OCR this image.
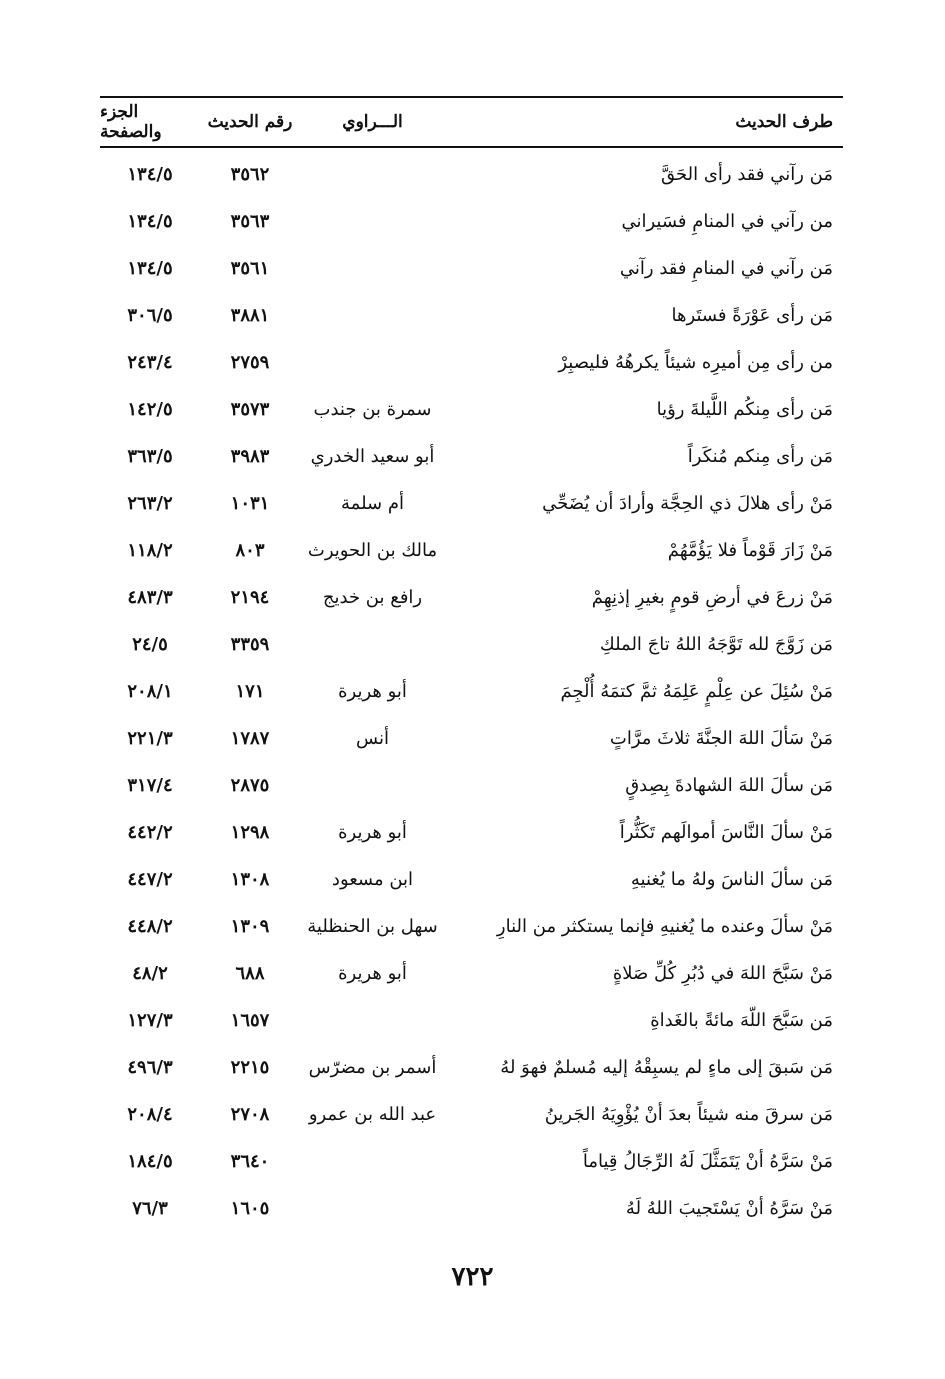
طرف الحديث	الـــراوي	رقم الحديث	الجزء والصفحة
مَن رآني فقد رأى الحَقَّ		٣٥٦٢	١٣٤/٥
من رآني في المنامِ فسَيراني		٣٥٦٣	١٣٤/٥
مَن رآني في المنامِ فقد رآني		٣٥٦١	١٣٤/٥
مَن رأى عَوْرَةً فستَرها		٣٨٨١	٣٠٦/٥
من رأى مِن أميرِه شيئاً يكرهُهُ فليصبِرْ		٢٧٥٩	٢٤٣/٤
مَن رأى مِنكُم اللَّيلةَ رؤيا	سمرة بن جندب	٣٥٧٣	١٤٢/٥
مَن رأى مِنكم مُنكَراً	أبو سعيد الخدري	٣٩٨٣	٣٦٣/٥
مَنْ رأى هلالَ ذي الحِجَّة وأرادَ أن يُضَحِّي	أم سلمة	١٠٣١	٢٦٣/٢
مَنْ زَارَ قَوْماً فلا يَؤُمَّهُمْ	مالك بن الحويرث	٨٠٣	١١٨/٢
مَنْ زرعَ في أرضِ قومٍ بغيرِ إذنِهِمْ	رافع بن خديج	٢١٩٤	٤٨٣/٣
مَن زَوَّجَ لله تَوَّجَهُ اللهُ تاجَ الملكِ		٣٣٥٩	٢٤/٥
مَنْ سُئِلَ عن عِلْمٍ عَلِمَهُ ثمَّ كتمَهُ أُلْجِمَ	أبو هريرة	١٧١	٢٠٨/١
مَنْ سَألَ اللهَ الجنَّةَ ثلاثَ مرَّاتٍ	أنس	١٧٨٧	٢٢١/٣
مَن سألَ اللهَ الشهادةَ بِصِدقٍ		٢٨٧٥	٣١٧/٤
مَنْ سألَ النَّاسَ أموالَهم تَكَثُّراً	أبو هريرة	١٢٩٨	٤٤٢/٢
مَن سألَ الناسَ ولهُ ما يُغنيهِ	ابن مسعود	١٣٠٨	٤٤٧/٢
مَنْ سألَ وعنده ما يُغنيهِ فإنما يستكثر من النارِ	سهل بن الحنظلية	١٣٠٩	٤٤٨/٢
مَنْ سَبَّحَ اللهَ في دُبُرِ كُلِّ صَلاةٍ	أبو هريرة	٦٨٨	٤٨/٢
مَن سَبَّحَ اللّهَ مائةً بالغَداةِ		١٦٥٧	١٢٧/٣
مَن سَبقَ إلى ماءٍ لم يسبِقْهُ إليه مُسلمٌ فهوَ لهُ	أسمر بن مضرّس	٢٢١٥	٤٩٦/٣
مَن سرقَ منه شيئاً بعدَ أنْ يُؤْوِيَهُ الجَرينُ	عبد الله بن عمرو	٢٧٠٨	٢٠٨/٤
مَنْ سَرَّهُ أنْ يَتَمَثَّلَ لَهُ الرِّجَالُ قِياماً		٣٦٤٠	١٨٤/٥
مَنْ سَرَّهُ أنْ يَسْتَجيبَ اللهُ لَهُ		١٦٠٥	٧٦/٣
٧٢٢
